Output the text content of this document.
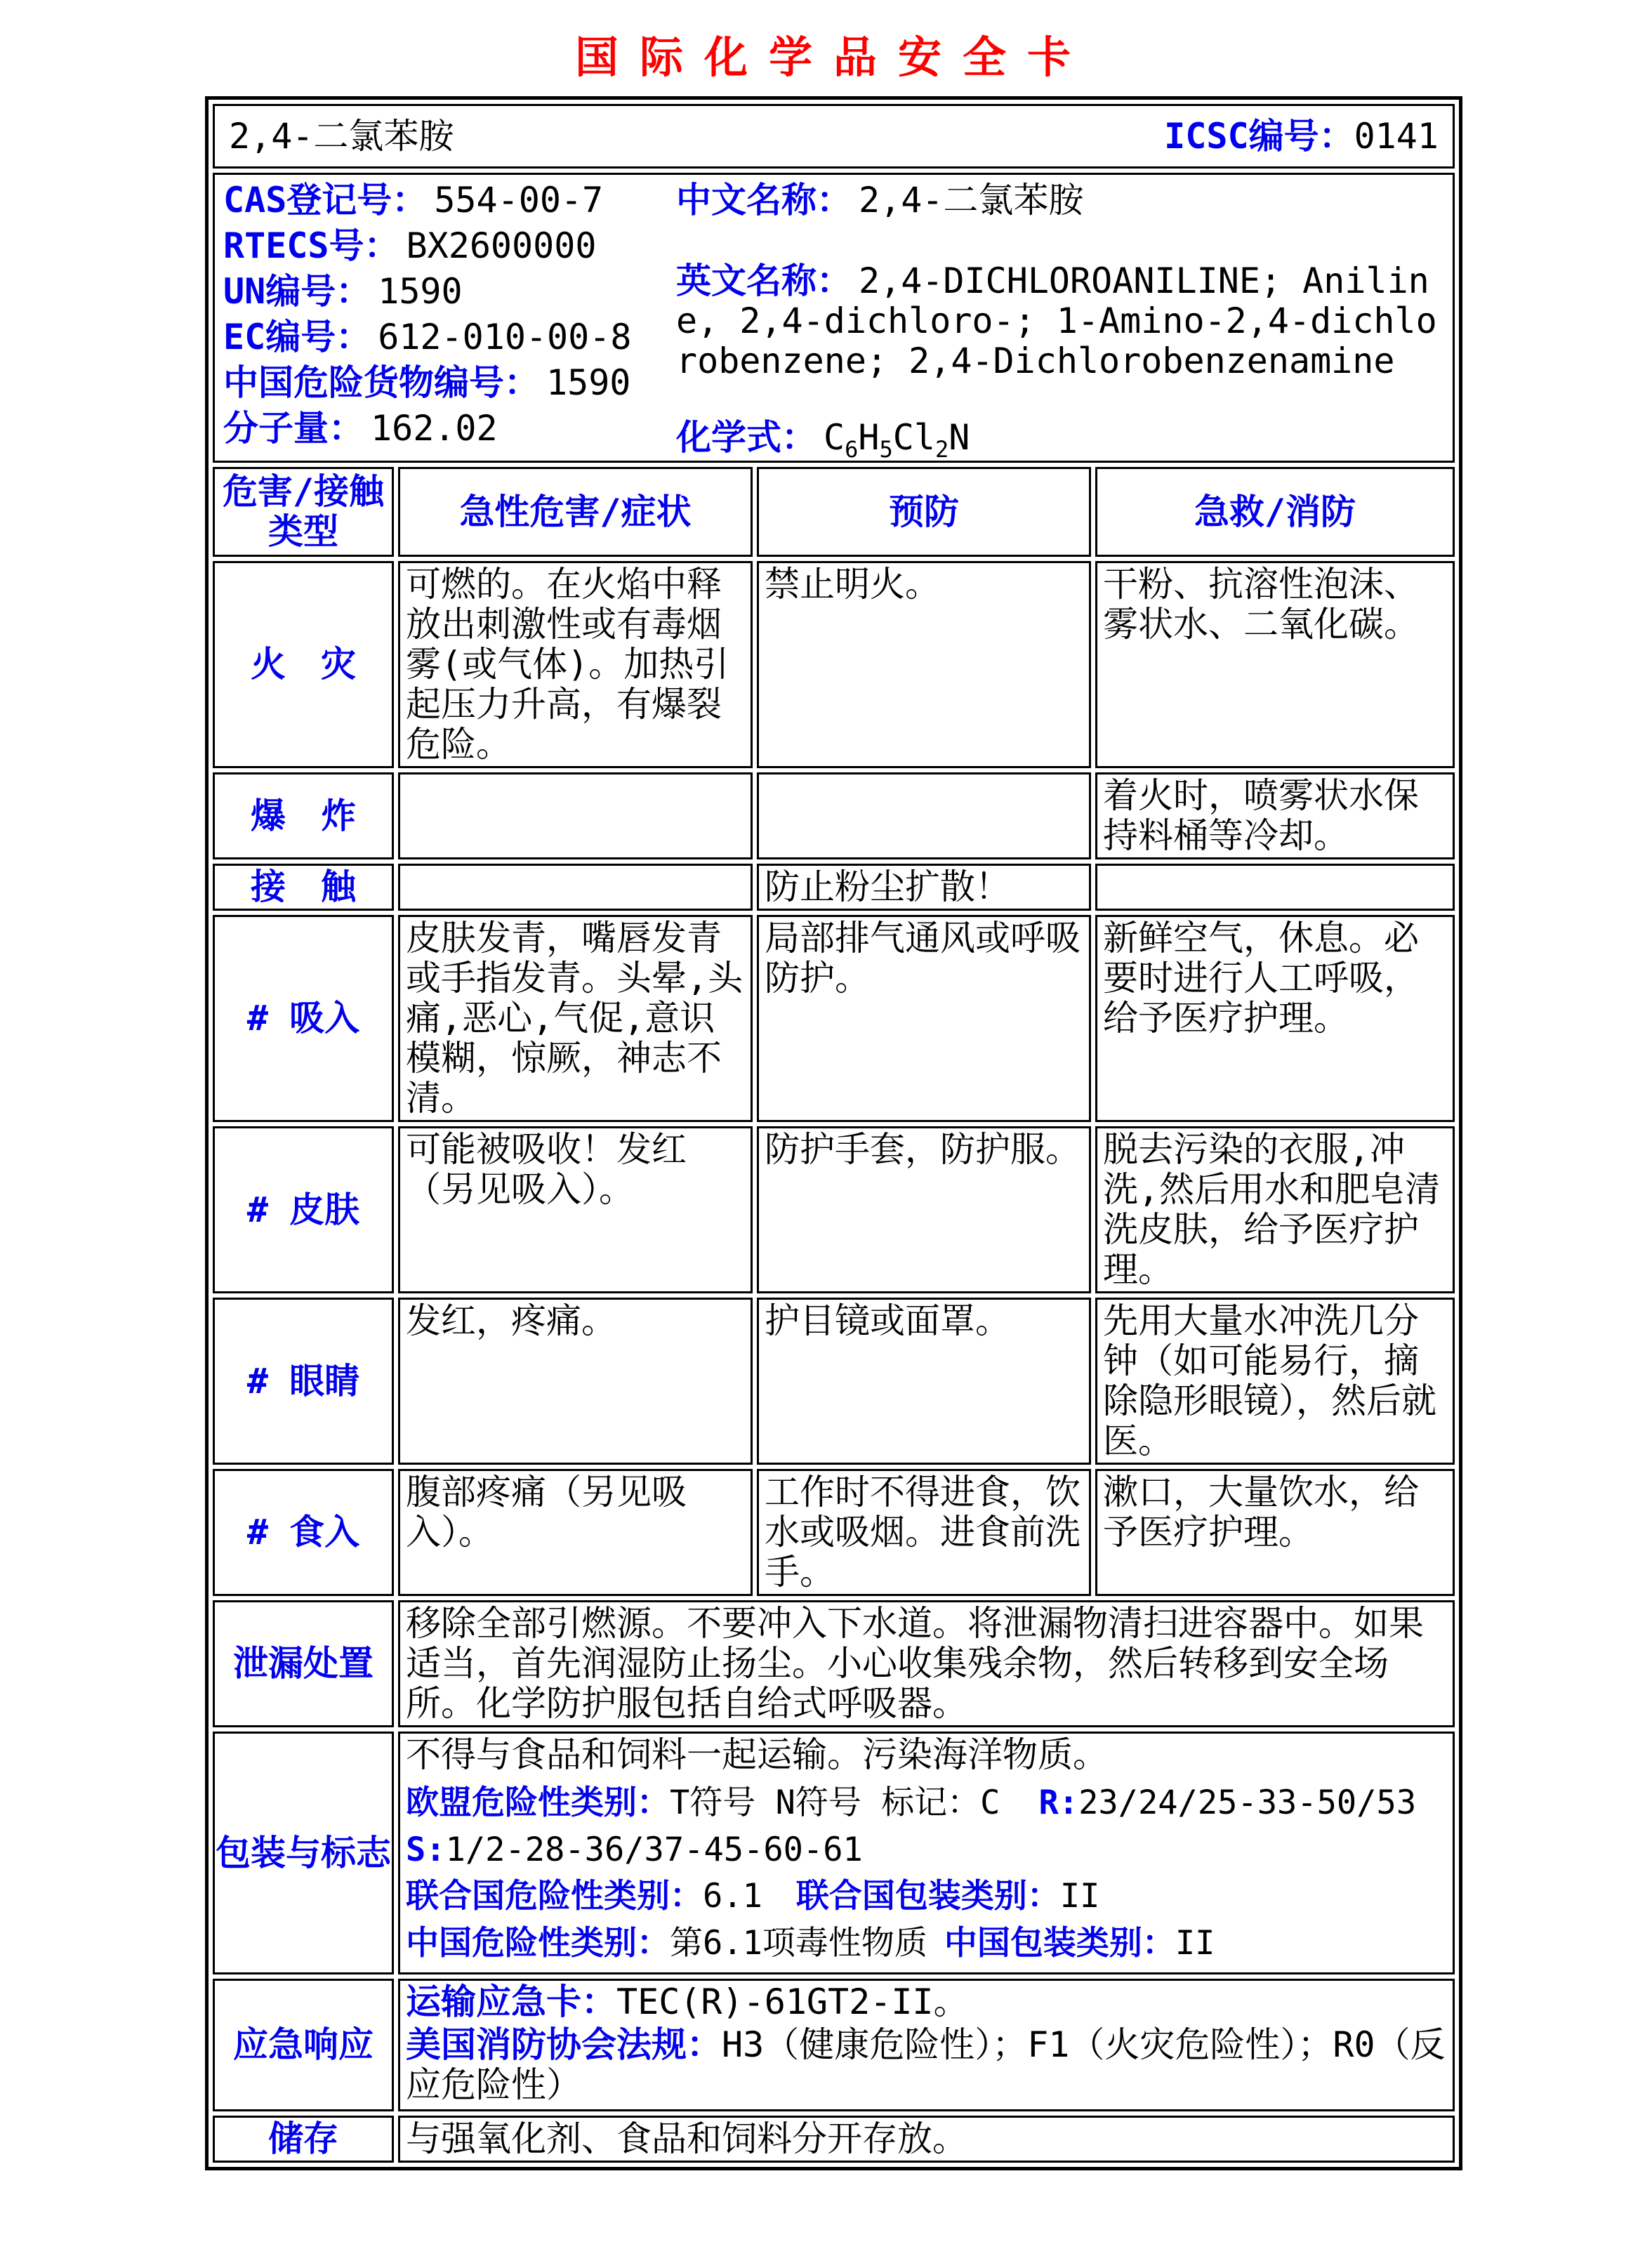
国际化学品安全卡
2,4-二氯苯胺 ICSC编号：0141			

CAS登记号： 554-00-7
RTECS号： BX2600000
UN编号： 1590
EC编号： 612-010-00-8
中国危险货物编号： 1590
分子量： 162.02
中文名称： 2,4-二氯苯胺
英文名称： 2,4-DICHLOROANILINE; Aniline, 2,4-dichloro-; 1-Amino-2,4-dichlorobenzene; 2,4-Dichlorobenzenamine
化学式： $C_6H_5Cl_2N$

危害/接触
类型	急性危害/症状	预防	急救/消防
火　灾	可燃的。在火焰中释放出刺激性或有毒烟雾(或气体)。加热引起压力升高，有爆裂危险。	禁止明火。	干粉、抗溶性泡沫、雾状水、二氧化碳。
爆　炸			着火时，喷雾状水保持料桶等冷却。
接　触		防止粉尘扩散！	
# 吸入	皮肤发青，嘴唇发青或手指发青。头晕,头痛,恶心,气促,意识模糊，惊厥，神志不清。	局部排气通风或呼吸防护。	新鲜空气，休息。必要时进行人工呼吸，给予医疗护理。
# 皮肤	可能被吸收！发红（另见吸入）。	防护手套，防护服。	脱去污染的衣服,冲洗,然后用水和肥皂清洗皮肤，给予医疗护理。
# 眼睛	发红，疼痛。	护目镜或面罩。	先用大量水冲洗几分钟（如可能易行，摘除隐形眼镜），然后就医。
# 食入	腹部疼痛（另见吸入）。	工作时不得进食，饮水或吸烟。进食前洗手。	漱口，大量饮水，给予医疗护理。
泄漏处置	移除全部引燃源。不要冲入下水道。将泄漏物清扫进容器中。如果适当，首先润湿防止扬尘。小心收集残余物，然后转移到安全场所。化学防护服包括自给式呼吸器。		
包装与标志	不得与食品和饲料一起运输。污染海洋物质。
欧盟危险性类别：T符号 N符号 标记：C R:23/24/25-33-50/53
S:1/2-28-36/37-45-60-61
联合国危险性类别：6.1 联合国包装类别：II
中国危险性类别：第6.1项毒性物质 中国包装类别：II		

应急响应	运输应急卡：TEC(R)-61GT2-II。
美国消防协会法规：H3（健康危险性）；F1（火灾危险性）；R0（反应危险性）		

储存	与强氧化剂、食品和饲料分开存放。		
